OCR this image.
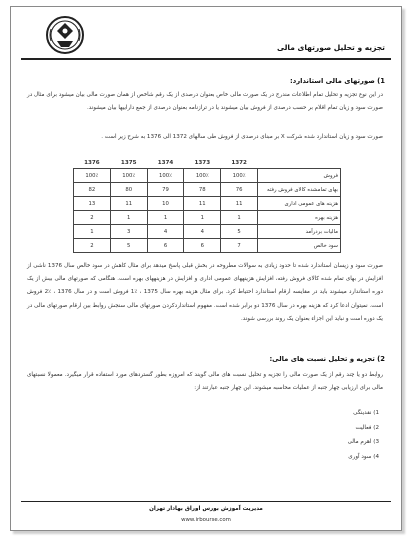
تجزیه و تحلیل صورتهای مالی
1) صورتهای مالی استاندارد:
در این نوع تجزیه و تحلیل تمام اطلاعات مندرج در یک صورت مالی خاص بعنوان درصدی از یک رقم شاخص از همان صورت مالی بیان میشود برای مثال در صورت سود و زیان تمام اقلام بر حسب درصدی از فروش بیان میشوند یا در ترازنامه بعنوان درصدی از جمع داراییها بیان میشوند.
صورت سود و زیان استاندارد شده شرکت X بر مبنای درصدی از فروش طی سالهای 1372 الی 1376 به شرح زیر است .
	1372	1373	1374	1375	1376
فروش	100٪	100٪	100٪	100٪	100٪
بهای تمامشده کالای فروش رفته	76	78	79	80	82
هزینه های عمومی اداری	11	11	10	11	13
هزینه بهره	1	1	1	1	2
مالیات بردرآمد	5	4	4	3	1
سود خالص	7	6	6	5	2
صورت سود و زیسان استاندارد شده تا حدود زیادی به سوالات مطروحه در بخش قبلی پاسخ میدهد برای مثال کاهش در سود خالص سال 1376 ناشی از افزایش در بهای تمام شده کالای فروش رفته، افزایش هزینههای عمومی اداری و افزایش در هزینههای بهره است. هنگامی که صورتهای مالی بیش از یک دوره استاندارد میشوند باید در مقایسه ارقام استاندارد احتیاط کرد. برای مثال هزینه بهره سال 1375 ، ٪1 فروش است و در سال 1376 ، ٪2 فروش است. نمیتوان ادعا کرد که هزینه بهره در سال 1376 دو برابر شده است. مفهوم استانداردکردن صورتهای مالی سنجش روابط بین ارقام صورتهای مالی در یک دوره است و نباید این اجزاء بعنوان یک روند بررسی شوند.
2) تجزیه و تحلیل نسبت های مالی:
روابط دو یا چند رقم از یک صورت مالی را تجزیه و تحلیل نسبت های مالی گویند که امروزه بطور گستردهای مورد استفاده قرار میگیرد. معمولا نسبتهای مالی برای ارزیابی چهار جنبه از عملیات محاسبه میشوند. این چهار جنبه عبارتند از:
1) نقدینگی
2) فعالیت
3) اهرم مالی
4) سود آوری
مدیریت آموزش بورس اوراق بهادار تهران
www.irbourse.com
